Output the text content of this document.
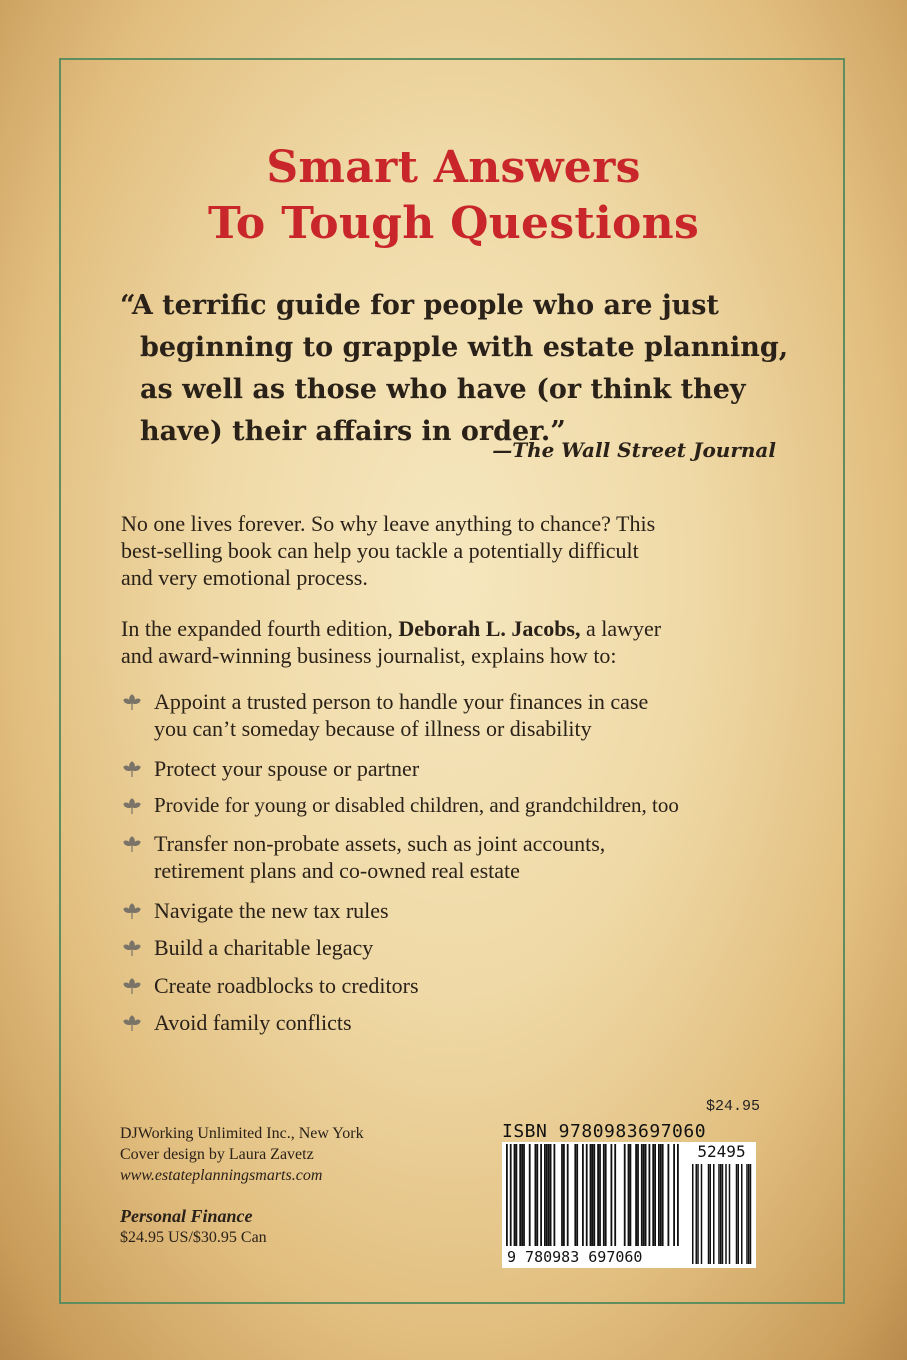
Smart Answers
To Tough Questions
“A terrific guide for people who are just
beginning to grapple with estate planning,
as well as those who have (or think they
have) their affairs in order.”
—The Wall Street Journal
No one lives forever. So why leave anything to chance? This
best-selling book can help you tackle a potentially difficult
and very emotional process.
In the expanded fourth edition, Deborah L. Jacobs, a lawyer
and award-winning business journalist, explains how to:
Appoint a trusted person to handle your finances in case
you can’t someday because of illness or disability
Protect your spouse or partner
Provide for young or disabled children, and grandchildren, too
Transfer non-probate assets, such as joint accounts,
retirement plans and co-owned real estate
Navigate the new tax rules
Build a charitable legacy
Create roadblocks to creditors
Avoid family conflicts
DJWorking Unlimited Inc., New York
Cover design by Laura Zavetz
www.estateplanningsmarts.com
Personal Finance
$24.95 US/$30.95 Can
$24.95
ISBN 9780983697060
52495
9 780983 697060
